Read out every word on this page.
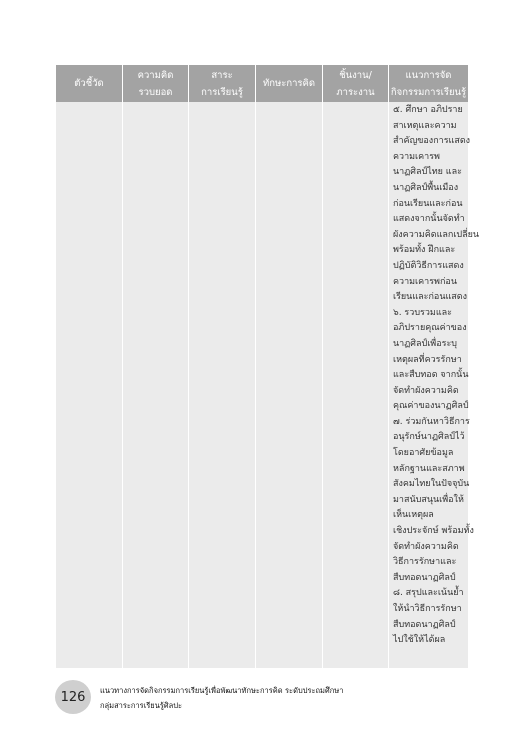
ตัวชี้วัด
ความคิด
รวบยอด
สาระ
การเรียนรู้
ทักษะการคิด
ชิ้นงาน/
ภาระงาน
แนวการจัด
กิจกรรมการเรียนรู้

๕. ศึกษา อภิปราย

สาเหตุและความ

สำคัญของการแสดง

ความเคารพ

นาฏศิลป์ไทย และ

นาฏศิลป์พื้นเมือง

ก่อนเรียนและก่อน

แสดงจากนั้นจัดทำ

ผังความคิดแลกเปลี่ยน

พร้อมทั้ง ฝึกและ

ปฏิบัติวิธีการแสดง

ความเคารพก่อน

เรียนและก่อนแสดง

๖. รวบรวมและ

อภิปรายคุณค่าของ

นาฏศิลป์เพื่อระบุ

เหตุผลที่ควรรักษา

และสืบทอด จากนั้น

จัดทำผังความคิด

คุณค่าของนาฏศิลป์

๗. ร่วมกันหาวิธีการ

อนุรักษ์นาฏศิลป์ไว้

โดยอาศัยข้อมูล

หลักฐานและสภาพ

สังคมไทยในปัจจุบัน

มาสนับสนุนเพื่อให้

เห็นเหตุผล

เชิงประจักษ์ พร้อมทั้ง

จัดทำผังความคิด

วิธีการรักษาและ

สืบทอดนาฏศิลป์

๘. สรุปและเน้นย้ำ

ให้นำวิธีการรักษา

สืบทอดนาฏศิลป์

ไปใช้ให้ได้ผล

126 แนวทางการจัดกิจกรรมการเรียนรู้เพื่อพัฒนาทักษะการคิด ระดับประถมศึกษา
กลุ่มสาระการเรียนรู้ศิลปะ
